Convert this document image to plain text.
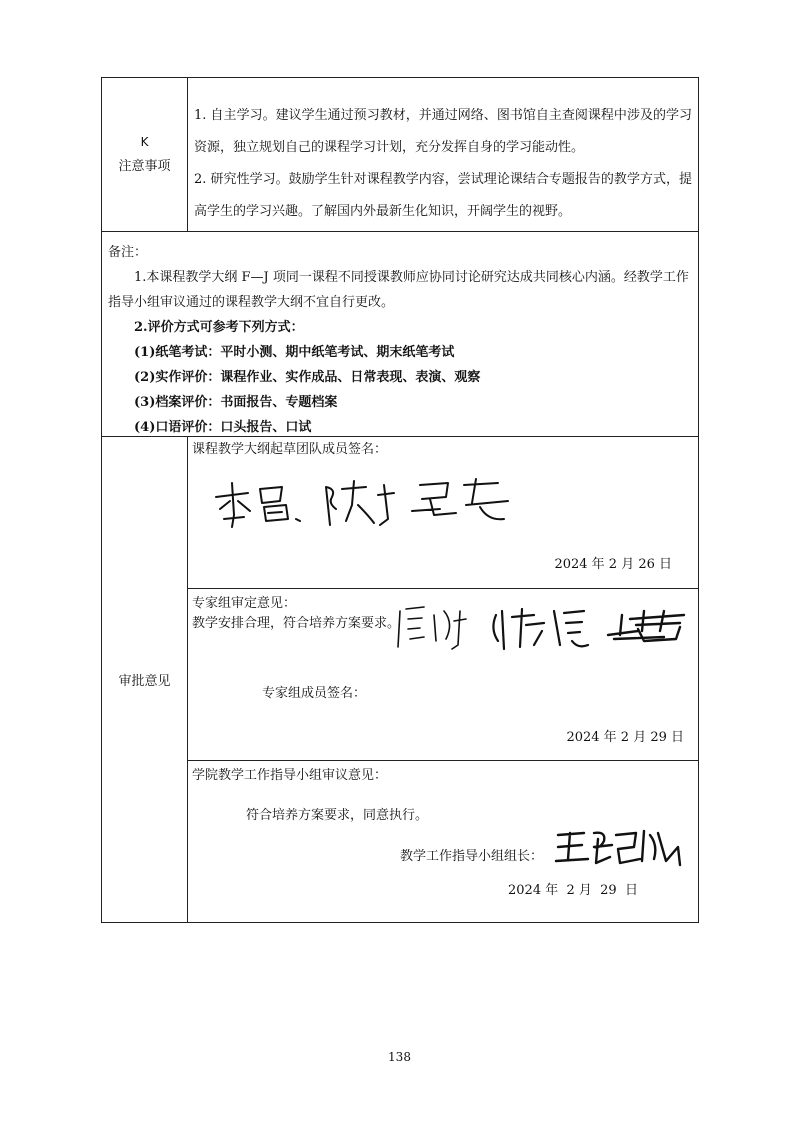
K
注意事项

1. 自主学习。建议学生通过预习教材，并通过网络、图书馆自主查阅课程中涉及的学习资源，独立规划自己的课程学习计划，充分发挥自身的学习能动性。

2. 研究性学习。鼓励学生针对课程教学内容，尝试理论课结合专题报告的教学方式，提高学生的学习兴趣。了解国内外最新生化知识，开阔学生的视野。

备注：

1.本课程教学大纲 F—J 项同一课程不同授课教师应协同讨论研究达成共同核心内涵。经教学工作指导小组审议通过的课程教学大纲不宜自行更改。

2.评价方式可参考下列方式：

(1)纸笔考试：平时小测、期中纸笔考试、期末纸笔考试

(2)实作评价：课程作业、实作成品、日常表现、表演、观察

(3)档案评价：书面报告、专题档案

(4)口语评价：口头报告、口试

审批意见
课程教学大纲起草团队成员签名：
2024 年 2 月 26 日
专家组审定意见：
教学安排合理，符合培养方案要求。
专家组成员签名：
2024 年 2 月 29 日
学院教学工作指导小组审议意见：
符合培养方案要求，同意执行。
教学工作指导小组组长：
2024 年  2 月  29  日
138
